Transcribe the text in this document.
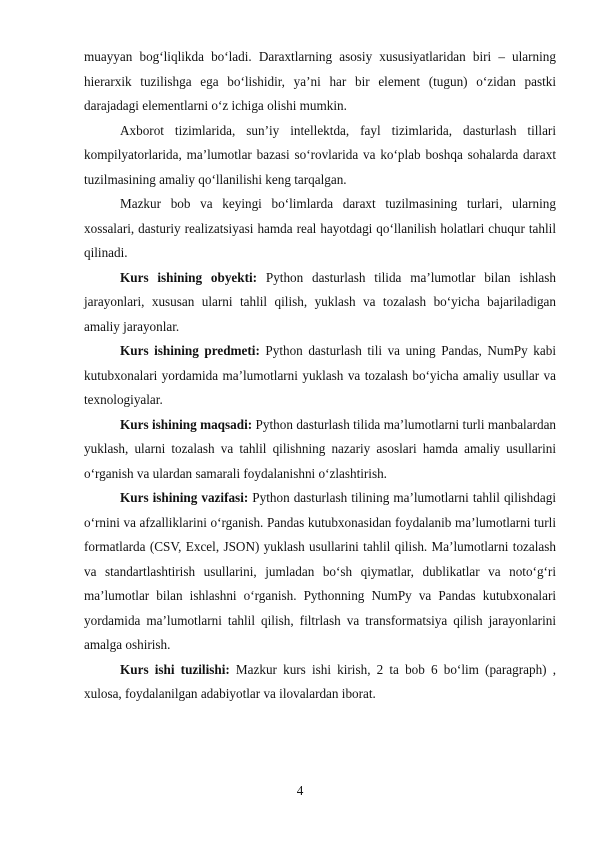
muayyan bog‘liqlikda bo‘ladi. Daraxtlarning asosiy xususiyatlaridan biri – ularning hierarxik tuzilishga ega bo‘lishidir, ya’ni har bir element (tugun) o‘zidan pastki darajadagi elementlarni o‘z ichiga olishi mumkin.

Axborot tizimlarida, sun’iy intellektda, fayl tizimlarida, dasturlash tillari kompilyatorlarida, ma’lumotlar bazasi so‘rovlarida va ko‘plab boshqa sohalarda daraxt tuzilmasining amaliy qo‘llanilishi keng tarqalgan.

Mazkur bob va keyingi bo‘limlarda daraxt tuzilmasining turlari, ularning xossalari, dasturiy realizatsiyasi hamda real hayotdagi qo‘llanilish holatlari chuqur tahlil qilinadi.

Kurs ishining obyekti: Python dasturlash tilida ma’lumotlar bilan ishlash jarayonlari, xususan ularni tahlil qilish, yuklash va tozalash bo‘yicha bajariladigan amaliy jarayonlar.

Kurs ishining predmeti: Python dasturlash tili va uning Pandas, NumPy kabi kutubxonalari yordamida ma’lumotlarni yuklash va tozalash bo‘yicha amaliy usullar va texnologiyalar.

Kurs ishining maqsadi: Python dasturlash tilida ma’lumotlarni turli manbalardan yuklash, ularni tozalash va tahlil qilishning nazariy asoslari hamda amaliy usullarini o‘rganish va ulardan samarali foydalanishni o‘zlashtirish.

Kurs ishining vazifasi: Python dasturlash tilining ma’lumotlarni tahlil qilishdagi o‘rnini va afzalliklarini o‘rganish. Pandas kutubxonasidan foydalanib ma’lumotlarni turli formatlarda (CSV, Excel, JSON) yuklash usullarini tahlil qilish. Ma’lumotlarni tozalash va standartlashtirish usullarini, jumladan bo‘sh qiymatlar, dublikatlar va noto‘g‘ri ma’lumotlar bilan ishlashni o‘rganish. Pythonning NumPy va Pandas kutubxonalari yordamida ma’lumotlarni tahlil qilish, filtrlash va transformatsiya qilish jarayonlarini amalga oshirish.

Kurs ishi tuzilishi: Mazkur kurs ishi kirish, 2 ta bob 6 bo‘lim (paragraph) , xulosa, foydalanilgan adabiyotlar va ilovalardan iborat.

4
